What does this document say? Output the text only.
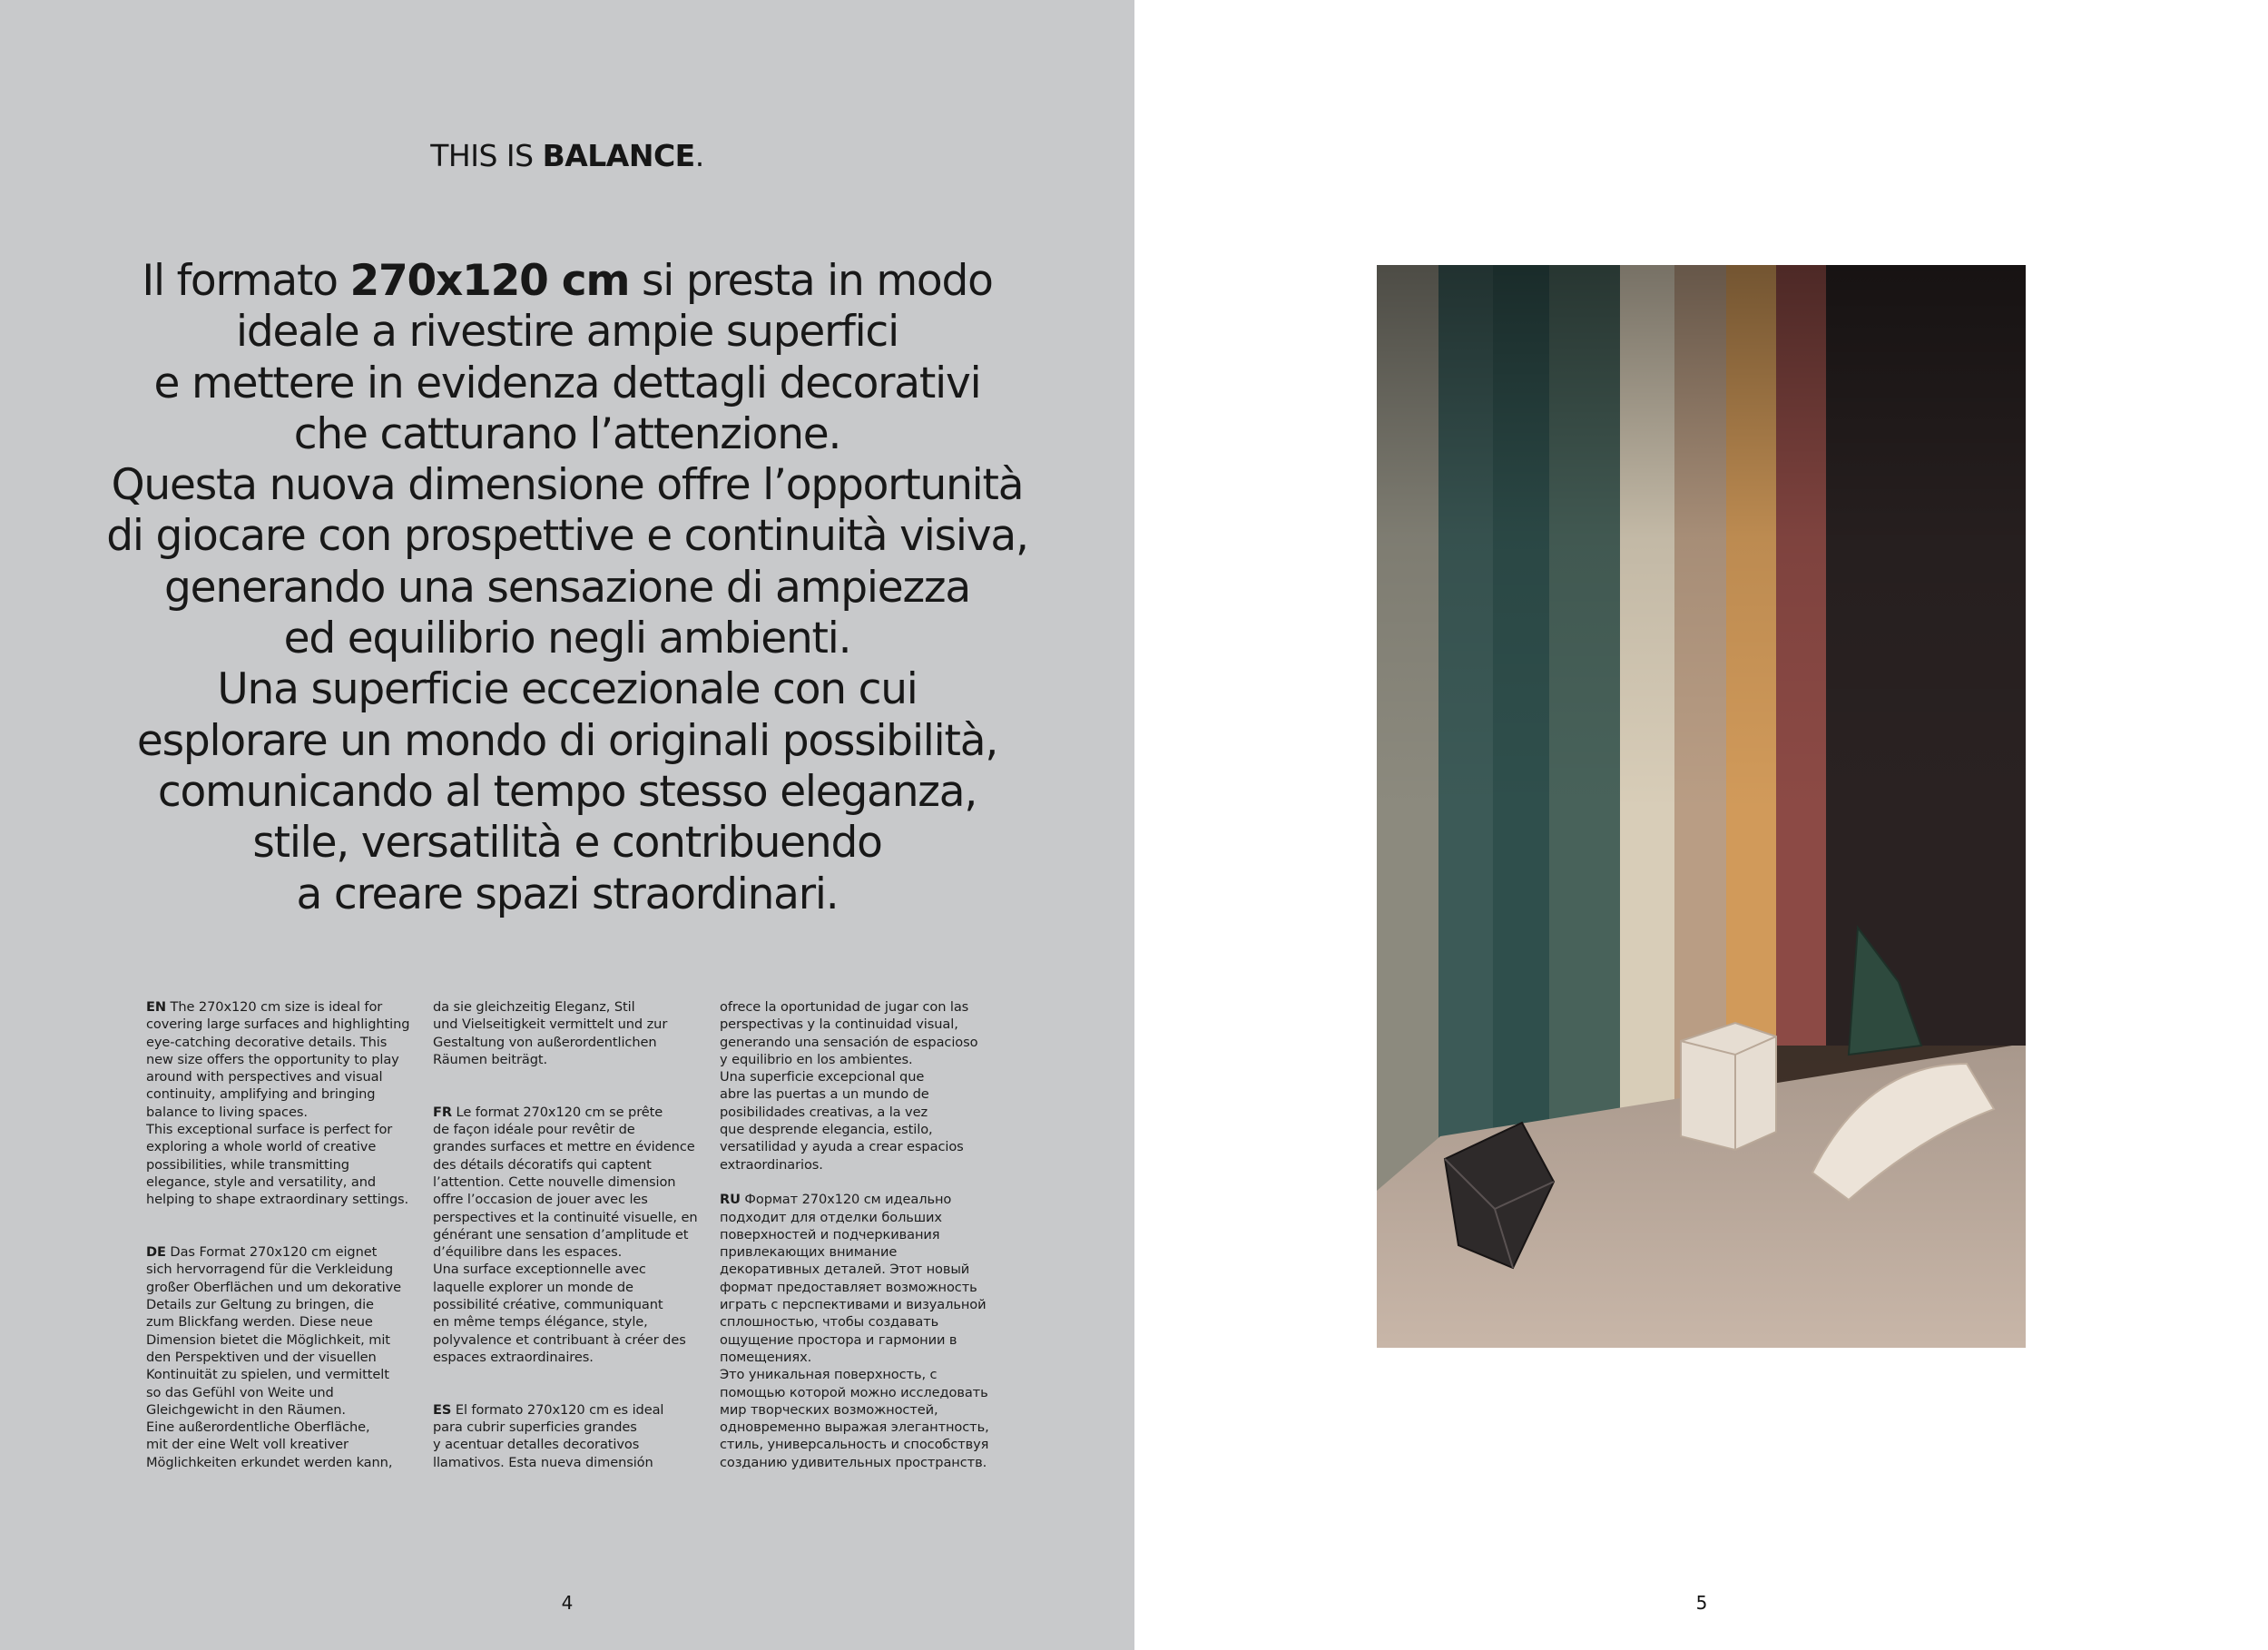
THIS IS BALANCE.
Il formato 270x120 cm si presta in modo
ideale a rivestire ampie superfici
e mettere in evidenza dettagli decorativi
che catturano l’attenzione.
Questa nuova dimensione offre l’opportunità
di giocare con prospettive e continuità visiva,
generando una sensazione di ampiezza
ed equilibrio negli ambienti.
Una superficie eccezionale con cui
esplorare un mondo di originali possibilità,
comunicando al tempo stesso eleganza,
stile, versatilità e contribuendo
a creare spazi straordinari.
EN The 270x120 cm size is ideal for
covering large surfaces and highlighting
eye-catching decorative details. This
new size offers the opportunity to play
around with perspectives and visual
continuity, amplifying and bringing
balance to living spaces.
This exceptional surface is perfect for
exploring a whole world of creative
possibilities, while transmitting
elegance, style and versatility, and
helping to shape extraordinary settings.
DE Das Format 270x120 cm eignet
sich hervorragend für die Verkleidung
großer Oberflächen und um dekorative
Details zur Geltung zu bringen, die
zum Blickfang werden. Diese neue
Dimension bietet die Möglichkeit, mit
den Perspektiven und der visuellen
Kontinuität zu spielen, und vermittelt
so das Gefühl von Weite und
Gleichgewicht in den Räumen.
Eine außerordentliche Oberfläche,
mit der eine Welt voll kreativer
Möglichkeiten erkundet werden kann,
da sie gleichzeitig Eleganz, Stil
und Vielseitigkeit vermittelt und zur
Gestaltung von außerordentlichen
Räumen beiträgt.
FR Le format 270x120 cm se prête
de façon idéale pour revêtir de
grandes surfaces et mettre en évidence
des détails décoratifs qui captent
l’attention. Cette nouvelle dimension
offre l’occasion de jouer avec les
perspectives et la continuité visuelle, en
générant une sensation d’amplitude et
d’équilibre dans les espaces.
Una surface exceptionnelle avec
laquelle explorer un monde de
possibilité créative, communiquant
en même temps élégance, style,
polyvalence et contribuant à créer des
espaces extraordinaires.
ES El formato 270x120 cm es ideal
para cubrir superficies grandes
y acentuar detalles decorativos
llamativos. Esta nueva dimensión
ofrece la oportunidad de jugar con las
perspectivas y la continuidad visual,
generando una sensación de espacioso
y equilibrio en los ambientes.
Una superficie excepcional que
abre las puertas a un mundo de
posibilidades creativas, a la vez
que desprende elegancia, estilo,
versatilidad y ayuda a crear espacios
extraordinarios.
RU Формат 270x120 см идеально
подходит для отделки больших
поверхностей и подчеркивания
привлекающих внимание
декоративных деталей. Этот новый
формат предоставляет возможность
играть с перспективами и визуальной
сплошностью, чтобы создавать
ощущение простора и гармонии в
помещениях.
Это уникальная поверхность, с
помощью которой можно исследовать
мир творческих возможностей,
одновременно выражая элегантность,
стиль, универсальность и способствуя
созданию удивительных пространств.
4	5
